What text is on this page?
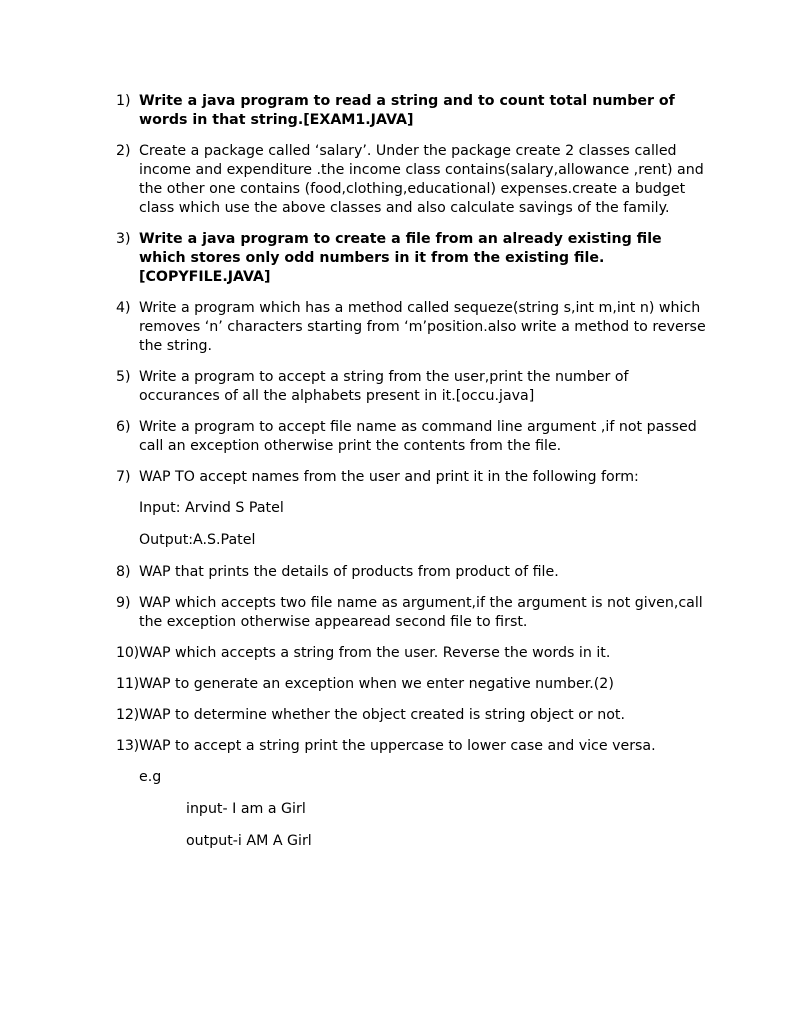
1) Write a java program to read a string and to count total number of words in that string.[EXAM1.JAVA]
2) Create a package called ‘salary’. Under the package create 2 classes called income and expenditure .the income class contains(salary,allowance ,rent) and the other one contains (food,clothing,educational) expenses.create a budget class which use the above classes and also calculate savings of the family.
3) Write a java program to create a file from an already existing file which stores only odd numbers in it from the existing file.[COPYFILE.JAVA]
4) Write a program which has a method called sequeze(string s,int m,int n) which removes ‘n’ characters starting from ‘m’position.also write a method to reverse the string.
5) Write a program to accept a string from the user,print the number of occurances of all the alphabets present in it.[occu.java]
6) Write a program to accept file name as command line argument ,if not passed call an exception otherwise print the contents from the file.
7) WAP TO accept names from the user and print it in the following form:
Input: Arvind S Patel
Output:A.S.Patel
8) WAP that prints the details of products from product of file.
9) WAP which accepts two file name as argument,if the argument is not given,call the exception otherwise appearead second file to first.
10) WAP which accepts a string from the user. Reverse the words in it.
11) WAP to generate an exception when we enter negative number.(2)
12) WAP to determine whether the object created is string object or not.
13) WAP to accept a string print the uppercase to lower case and vice versa.
e.g
input- I am a Girl
output-i AM A Girl
